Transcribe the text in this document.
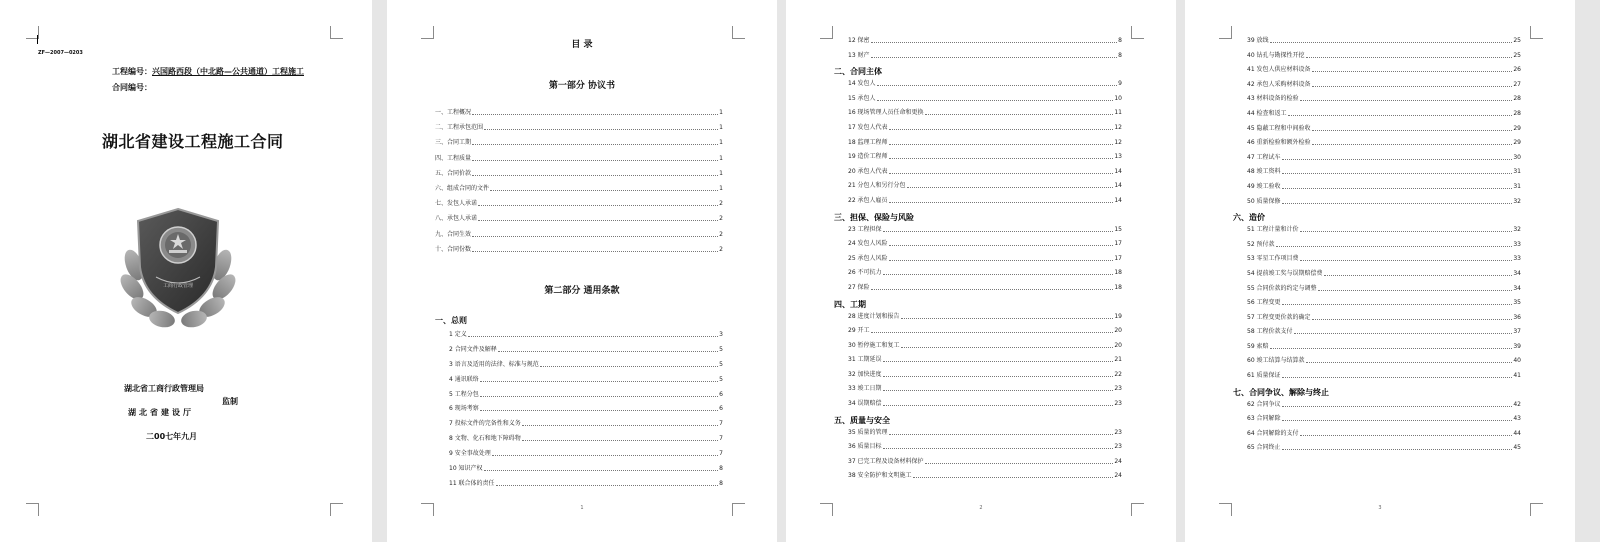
ZF—2007—0203
工程编号：兴国路西段（中北路—公共通道）工程施工
合同编号：
湖北省建设工程施工合同
工商行政管理
湖北省工商行政管理局
监制
湖北省建设厅
二00七年九月
目 录
第一部分 协议书
一、工程概况	1
二、工程承包范围	1
三、合同工期	1
四、工程质量	1
五、合同价款	1
六、组成合同的文件	1
七、发包人承诺	2
八、承包人承诺	2
九、合同生效	2
十、合同份数	2
第二部分 通用条款
一、总则
1 定义	3
2 合同文件及解释	5
3 语言及适用的法律、标准与规范	5
4 通讯联络	5
5 工程分包	6
6 现场考察	6
7 投标文件的完备性和义务	7
8 文物、化石和地下障碍物	7
9 安全事故处理	7
10 知识产权	8
11 联合体的责任	8
1
12 保密	8
13 财产	8
二、合同主体
14 发包人	9
15 承包人	10
16 现场管理人员任命和更换	11
17 发包人代表	12
18 监理工程师	12
19 造价工程师	13
20 承包人代表	14
21 分包人和另行分包	14
22 承包人雇员	14
三、担保、保险与风险
23 工程担保	15
24 发包人风险	17
25 承包人风险	17
26 不可抗力	18
27 保险	18
四、工期
28 进度计划和报告	19
29 开工	20
30 暂停施工和复工	20
31 工期延误	21
32 加快进度	22
33 竣工日期	23
34 误期赔偿	23
五、质量与安全
35 质量的管理	23
36 质量目标	23
37 已完工程及设备材料保护	24
38 安全防护和文明施工	24
2
39 放线	25
40 钻孔与勘探性开挖	25
41 发包人供应材料设备	26
42 承包人采购材料设备	27
43 材料设备的检验	28
44 检查和返工	28
45 隐蔽工程和中间验收	29
46 重新检验和额外检验	29
47 工程试车	30
48 竣工资料	31
49 竣工验收	31
50 质量保修	32
六、造价
51 工程计量和计价	32
52 预付款	33
53 零星工作项目费	33
54 提前竣工奖与误期赔偿费	34
55 合同价款的约定与调整	34
56 工程变更	35
57 工程变更价款的确定	36
58 工程价款支付	37
59 索赔	39
60 竣工结算与结算款	40
61 质量保证	41
七、合同争议、解除与终止
62 合同争议	42
63 合同解除	43
64 合同解除的支付	44
65 合同终止	45
3
